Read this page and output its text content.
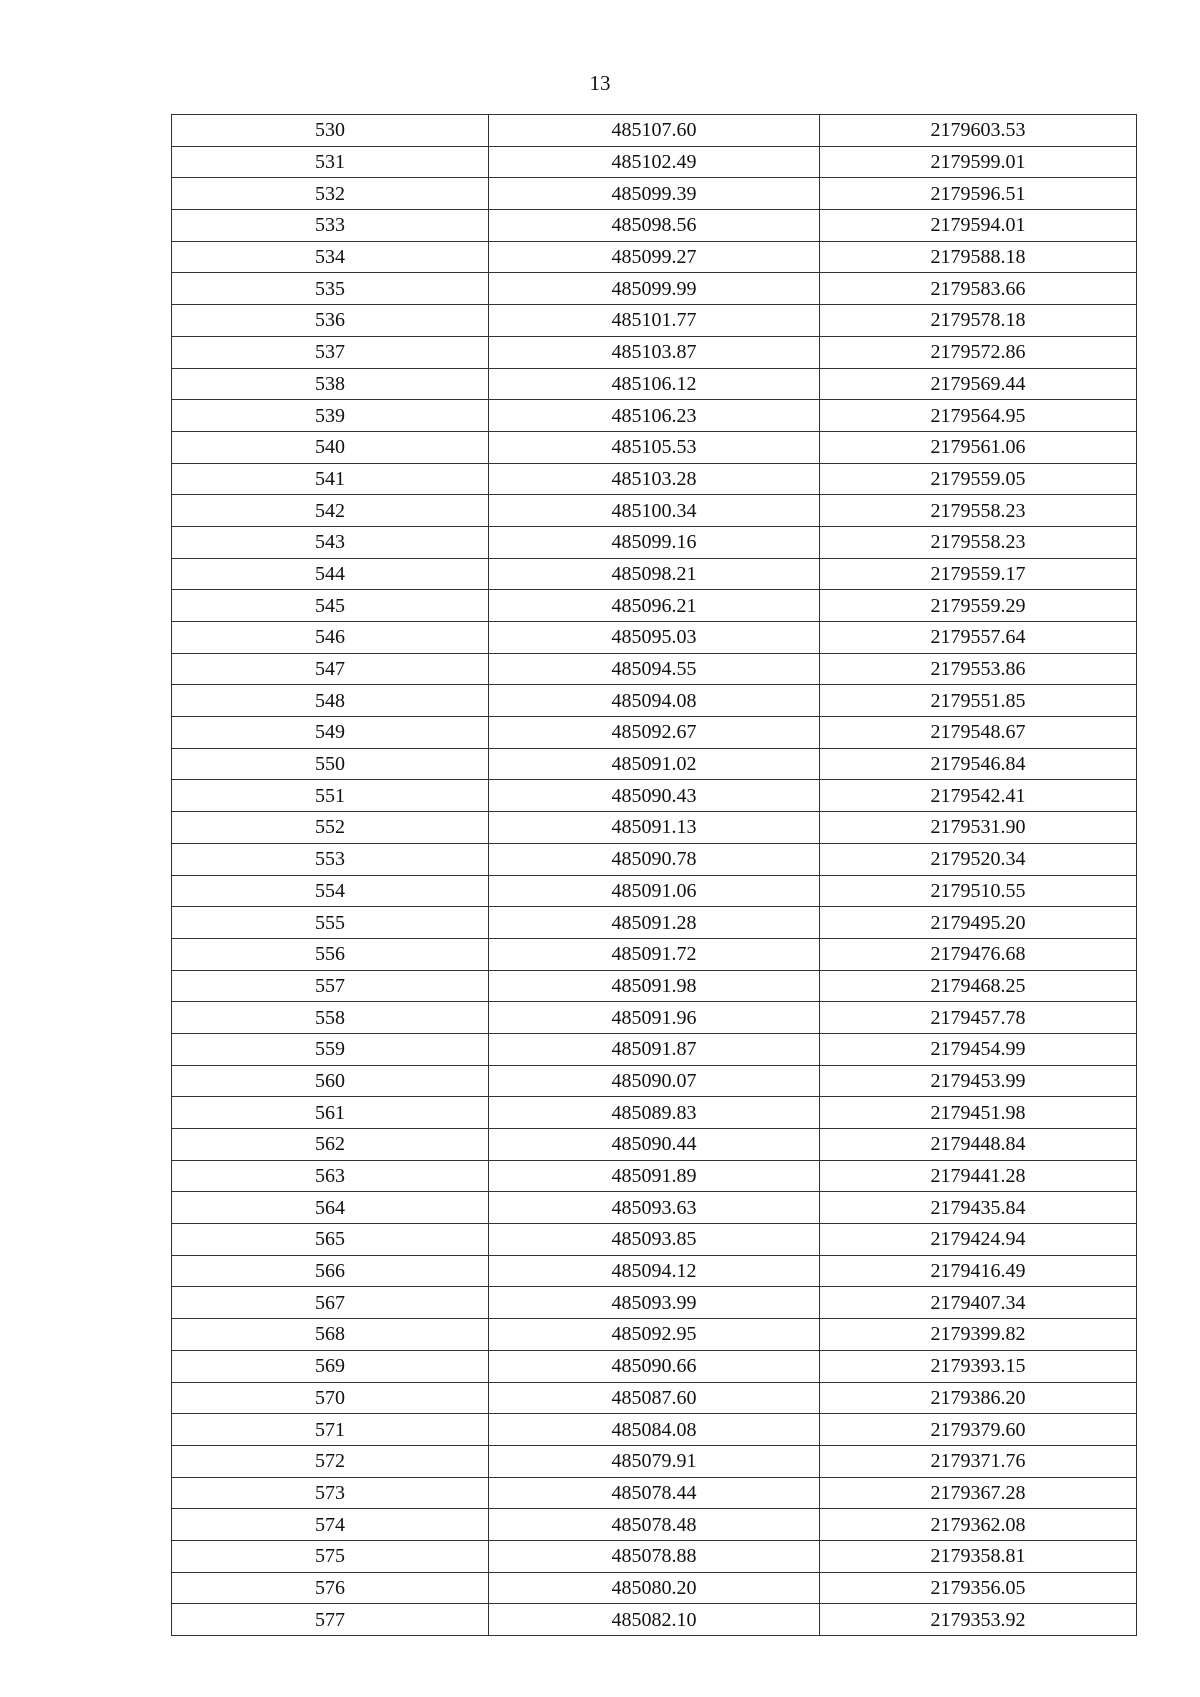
13
530	485107.60	2179603.53
531	485102.49	2179599.01
532	485099.39	2179596.51
533	485098.56	2179594.01
534	485099.27	2179588.18
535	485099.99	2179583.66
536	485101.77	2179578.18
537	485103.87	2179572.86
538	485106.12	2179569.44
539	485106.23	2179564.95
540	485105.53	2179561.06
541	485103.28	2179559.05
542	485100.34	2179558.23
543	485099.16	2179558.23
544	485098.21	2179559.17
545	485096.21	2179559.29
546	485095.03	2179557.64
547	485094.55	2179553.86
548	485094.08	2179551.85
549	485092.67	2179548.67
550	485091.02	2179546.84
551	485090.43	2179542.41
552	485091.13	2179531.90
553	485090.78	2179520.34
554	485091.06	2179510.55
555	485091.28	2179495.20
556	485091.72	2179476.68
557	485091.98	2179468.25
558	485091.96	2179457.78
559	485091.87	2179454.99
560	485090.07	2179453.99
561	485089.83	2179451.98
562	485090.44	2179448.84
563	485091.89	2179441.28
564	485093.63	2179435.84
565	485093.85	2179424.94
566	485094.12	2179416.49
567	485093.99	2179407.34
568	485092.95	2179399.82
569	485090.66	2179393.15
570	485087.60	2179386.20
571	485084.08	2179379.60
572	485079.91	2179371.76
573	485078.44	2179367.28
574	485078.48	2179362.08
575	485078.88	2179358.81
576	485080.20	2179356.05
577	485082.10	2179353.92
